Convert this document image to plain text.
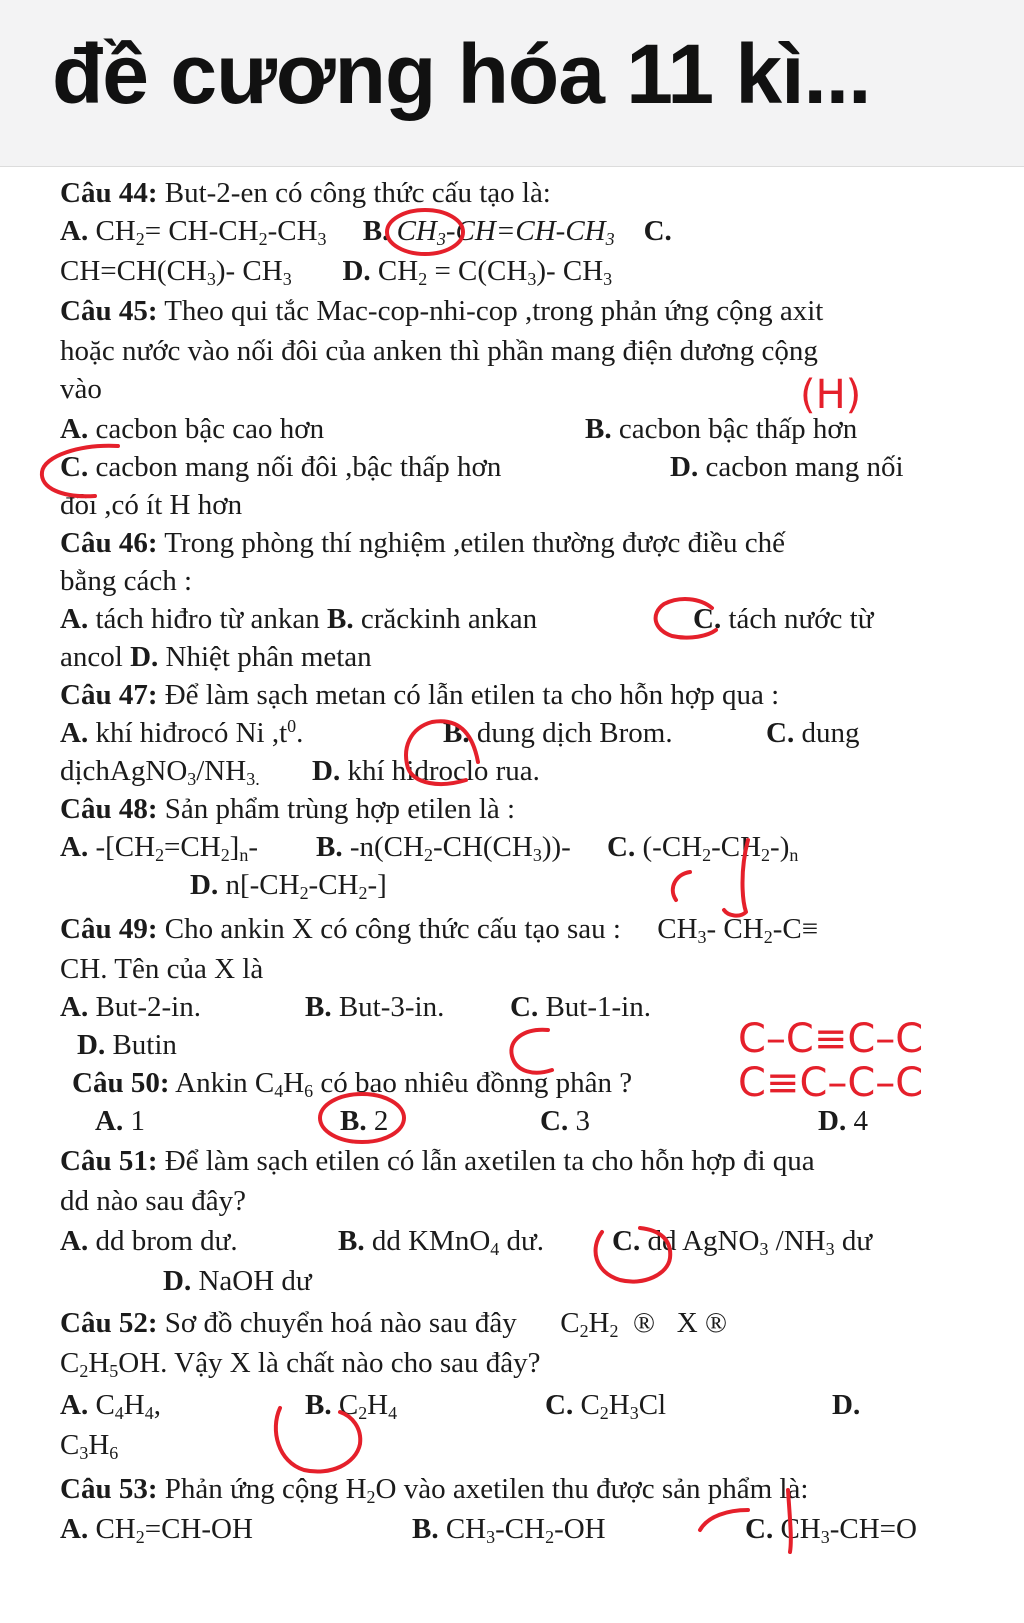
đề cương hóa 11 kì...
Câu 44: But-2-en có công thức cấu tạo là:
A. $CH_2= CH-CH_2-CH_3$ B. $CH_3-CH=CH-CH_3$ C.
$CH=CH(CH_3)-$ $CH_3$ D. $CH_2 = C(CH_3)-$ $CH_3$
Câu 45: Theo qui tắc Mac-cop-nhi-cop ,trong phản ứng cộng axit
hoặc nước vào nối đôi của anken thì phần mang điện dương cộng
vào
A. cacbon bậc cao hơn	B. cacbon bậc thấp hơn
C. cacbon mang nối đôi ,bậc thấp hơn	D. cacbon mang nối
đôi ,có ít H hơn
Câu 46: Trong phòng thí nghiệm ,etilen thường được điều chế
bằng cách :
A. tách hiđro từ ankan B. crăckinh ankan	C. tách nước từ
ancol D. Nhiệt phân metan
Câu 47: Để làm sạch metan có lẫn etilen ta cho hỗn hợp qua :
A. khí hiđrocó Ni $,t^0$.	B. dung dịch Brom.	C. dung
$dịchAgNO_3/NH_{3.}$ D. khí hidroclo rua.
Câu 48: Sản phẩm trùng hợp etilen là :
A. $-[CH_2=CH_2]_n-$        B. $-n(CH_2-CH(CH_3))-$     C. $(-CH_2-CH_2-)_n$
D. $n[-CH_2-CH_2-]$
Câu 49: Cho ankin X có công thức cấu tạo sau :     $CH_3-$ $CH_2-C\equiv$
CH. Tên của X là
A. But-2-in.	B. But-3-in. C. But-1-in.
D. Butin
Câu 50: Ankin $C_4H_6$ có bao nhiêu đồnng phân ?
A. 1	B. 2	C. 3	D. 4
Câu 51: Để làm sạch etilen có lẫn axetilen ta cho hỗn hợp đi qua
dd nào sau đây?
A. dd brom dư.	B. dd KMnO$_4$ dư. C. dd AgNO$_3$ $/NH_3$ dư
D. NaOH dư
Câu 52: Sơ đồ chuyển hoá nào sau đây      $C_2H_2$  ®   X ®
$C_2H_5OH$. Vậy X là chất nào cho sau đây?
A. $C_4H_4$,	B. $C_2H_4$	C. $C_2H_3Cl$	D.
$C_3H_6$
Câu 53: Phản ứng cộng $H_2O$ vào axetilen thu được sản phẩm là:
A. $CH_2=CH-OH$	B. $CH_3-CH_2-OH$	C. $CH_3-CH=O$
(H)
C–C≡C–C
C≡C–C–C
